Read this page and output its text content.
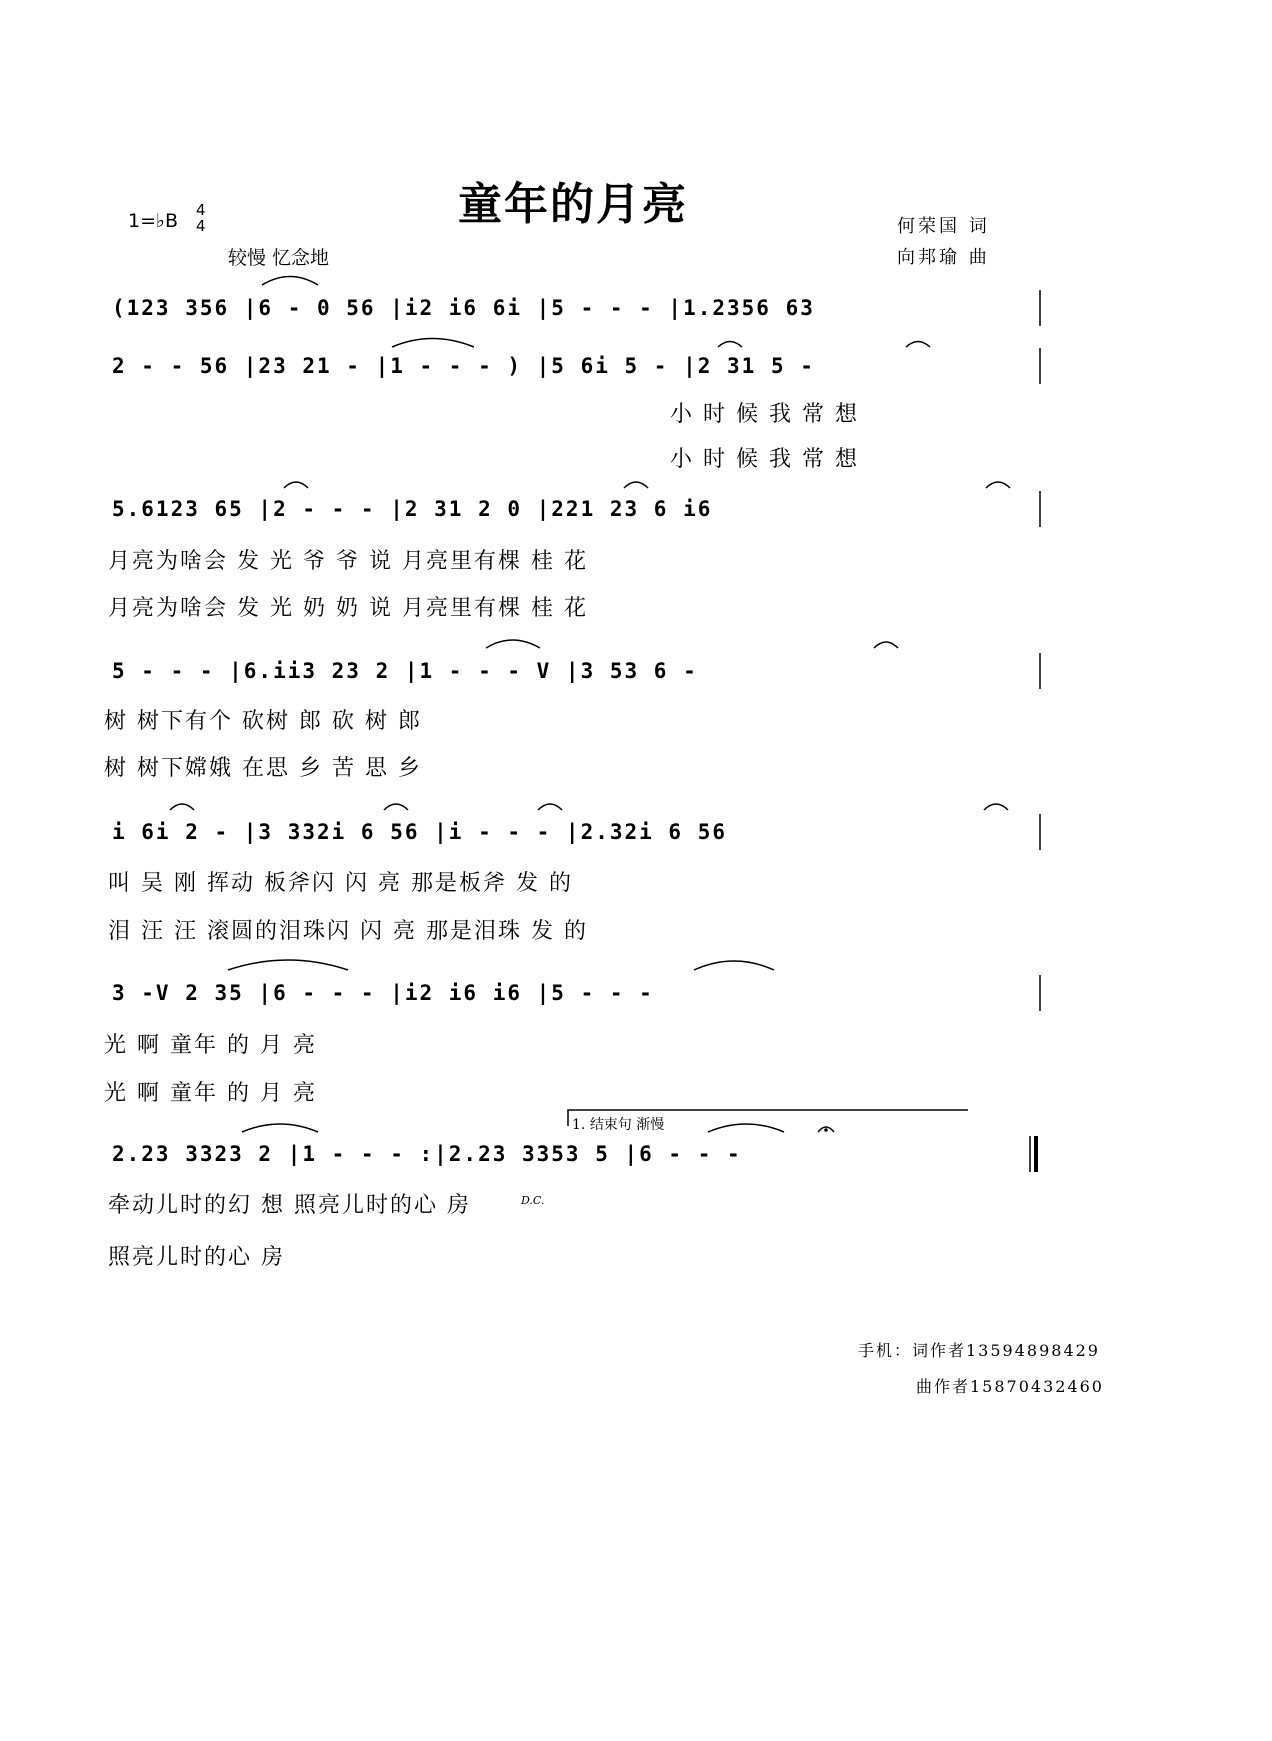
童年的月亮
1=♭B 4
4
较慢 忆念地
何荣国 词
向邦瑜 曲
(123 356 |6 - 0 56 |i2 i6 6i |5 - - - |1.2356 63
2 - - 56 |23 21 - |1 - - - ) |5 6i 5 - |2 31 5 -
小 时 候 我 常 想
小 时 候 我 常 想
5.6123 65 |2 - - - |2 31 2 0 |221 23 6 i6
月亮为啥会 发 光 爷 爷 说 月亮里有棵 桂 花
月亮为啥会 发 光 奶 奶 说 月亮里有棵 桂 花
5 - - - |6.ii3 23 2 |1 - - - V |3 53 6 -
树 树下有个 砍树 郎 砍 树 郎
树 树下嫦娥 在思 乡 苦 思 乡
i 6i 2 - |3 332i 6 56 |i - - - |2.32i 6 56
叫 吴 刚 挥动 板斧闪 闪 亮 那是板斧 发 的
泪 汪 汪 滚圆的泪珠闪 闪 亮 那是泪珠 发 的
3 -V 2 35 |6 - - - |i2 i6 i6 |5 - - -
光 啊 童年 的 月 亮
光 啊 童年 的 月 亮
1. 结束句 渐慢
2.23 3323 2 |1 - - - :|2.23 3353 5 |6 - - -
牵动儿时的幻 想 照亮儿时的心 房	D.C.
照亮儿时的心 房
手机：词作者13594898429
曲作者15870432460
